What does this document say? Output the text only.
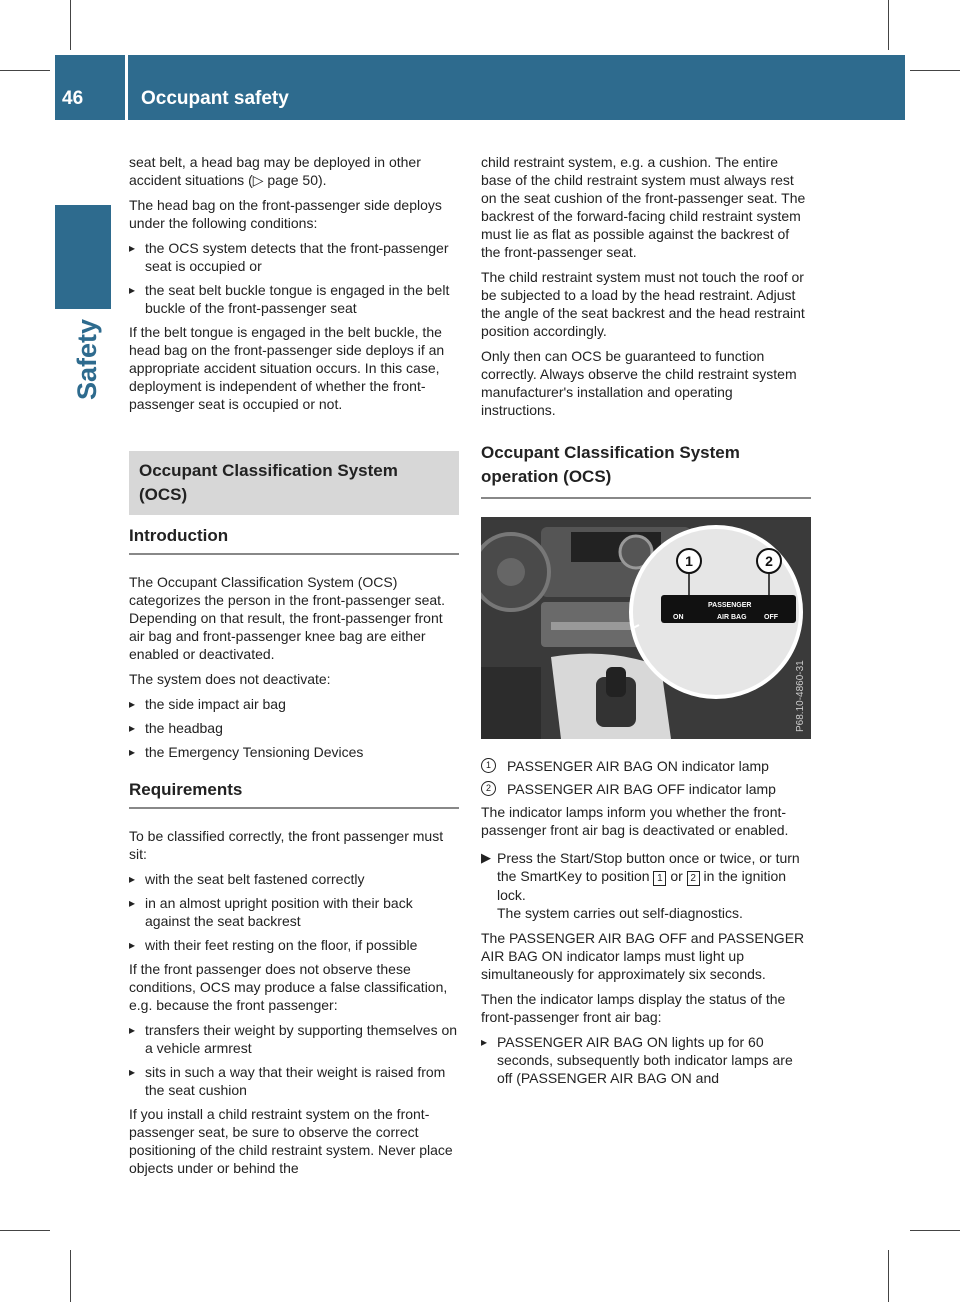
46	Occupant safety
Safety

seat belt, a head bag may be deployed in other accident situations (▷ page 50).

The head bag on the front-passenger side deploys under the following conditions:

▸ the OCS system detects that the front-passenger seat is occupied or
▸ the seat belt buckle tongue is engaged in the belt buckle of the front-passenger seat

If the belt tongue is engaged in the belt buckle, the head bag on the front-passenger side deploys if an appropriate accident situation occurs. In this case, deployment is independent of whether the front-passenger seat is occupied or not.

Occupant Classification System (OCS)
Introduction

The Occupant Classification System (OCS) categorizes the person in the front-passenger seat. Depending on that result, the front-passenger front air bag and front-passenger knee bag are either enabled or deactivated.

The system does not deactivate:

▸ the side impact air bag
▸ the headbag
▸ the Emergency Tensioning Devices
Requirements

To be classified correctly, the front passenger must sit:

▸ with the seat belt fastened correctly
▸ in an almost upright position with their back against the seat backrest
▸ with their feet resting on the floor, if possible

If the front passenger does not observe these conditions, OCS may produce a false classification, e.g. because the front passenger:

▸ transfers their weight by supporting themselves on a vehicle armrest
▸ sits in such a way that their weight is raised from the seat cushion

If you install a child restraint system on the front-passenger seat, be sure to observe the correct positioning of the child restraint system. Never place objects under or behind the

child restraint system, e.g. a cushion. The entire base of the child restraint system must always rest on the seat cushion of the front-passenger seat. The backrest of the forward-facing child restraint system must lie as flat as possible against the backrest of the front-passenger seat.

The child restraint system must not touch the roof or be subjected to a load by the head restraint. Adjust the angle of the seat backrest and the head restraint position accordingly.

Only then can OCS be guaranteed to function correctly. Always observe the child restraint system manufacturer's installation and operating instructions.

Occupant Classification System operation (OCS)
1	2
ON
PASSENGER
AIR BAG OFF
P68.10-4860-31
1	PASSENGER AIR BAG ON indicator lamp
2	PASSENGER AIR BAG OFF indicator lamp

The indicator lamps inform you whether the front-passenger front air bag is deactivated or enabled.

▶ Press the Start/Stop button once or twice, or turn the SmartKey to position 1 or 2 in the ignition lock.
The system carries out self-diagnostics.

The PASSENGER AIR BAG OFF and PASSENGER AIR BAG ON indicator lamps must light up simultaneously for approximately six seconds.

Then the indicator lamps display the status of the front-passenger front air bag:

▸ PASSENGER AIR BAG ON lights up for 60 seconds, subsequently both indicator lamps are off (PASSENGER AIR BAG ON and
